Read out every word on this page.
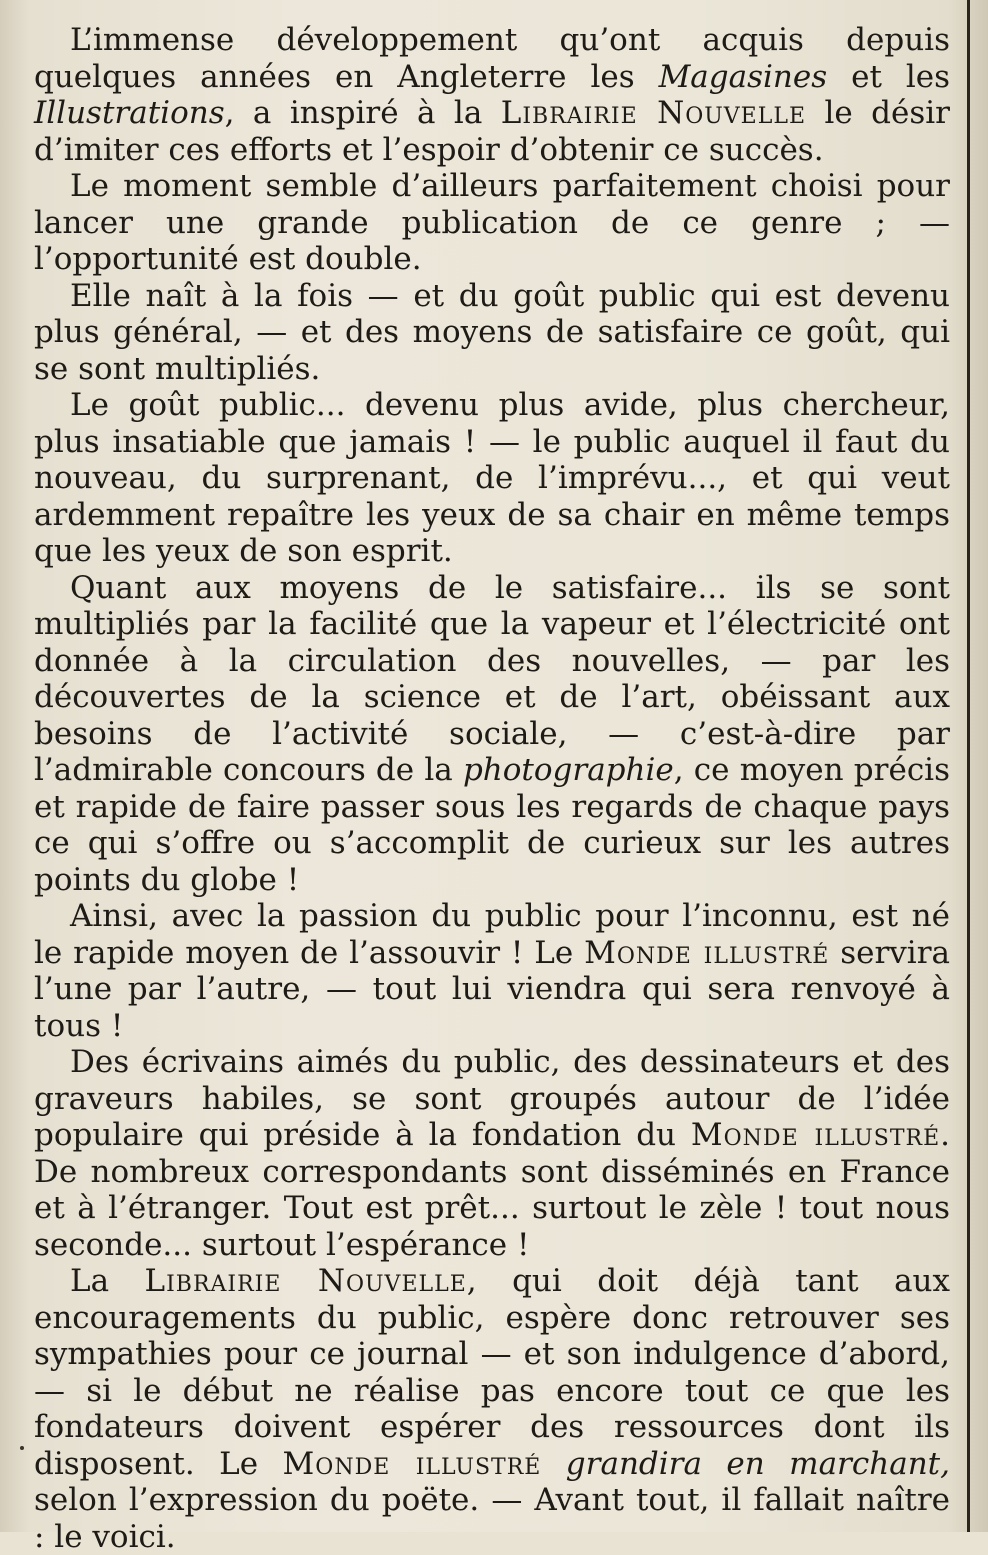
L’immense développement qu’ont acquis depuis quelques années en Angleterre les Magasines et les Illustrations, a inspiré à la Librairie Nouvelle le désir d’imiter ces efforts et l’espoir d’obtenir ce succès.

Le moment semble d’ailleurs parfaitement choisi pour lancer une grande publication de ce genre ; — l’opportunité est double.

Elle naît à la fois — et du goût public qui est devenu plus général, — et des moyens de satisfaire ce goût, qui se sont multipliés.

Le goût public... devenu plus avide, plus chercheur, plus insatiable que jamais ! — le public auquel il faut du nouveau, du surprenant, de l’imprévu..., et qui veut ardemment repaître les yeux de sa chair en même temps que les yeux de son esprit.

Quant aux moyens de le satisfaire... ils se sont multipliés par la facilité que la vapeur et l’électricité ont donnée à la circulation des nouvelles, — par les découvertes de la science et de l’art, obéissant aux besoins de l’activité sociale, — c’est-à-dire par l’admirable concours de la photographie, ce moyen précis et rapide de faire passer sous les regards de chaque pays ce qui s’offre ou s’accomplit de curieux sur les autres points du globe !

Ainsi, avec la passion du public pour l’inconnu, est né le rapide moyen de l’assouvir ! Le Monde illustré servira l’une par l’autre, — tout lui viendra qui sera renvoyé à tous !

Des écrivains aimés du public, des dessinateurs et des graveurs habiles, se sont groupés autour de l’idée populaire qui préside à la fondation du Monde illustré. De nombreux correspondants sont disséminés en France et à l’étranger. Tout est prêt... surtout le zèle ! tout nous seconde... surtout l’espérance !

La Librairie Nouvelle, qui doit déjà tant aux encouragements du public, espère donc retrouver ses sympathies pour ce journal — et son indulgence d’abord, — si le début ne réalise pas encore tout ce que les fondateurs doivent espérer des ressources dont ils disposent. Le Monde illustré grandira en marchant, selon l’expression du poëte. — Avant tout, il fallait naître : le voici.
